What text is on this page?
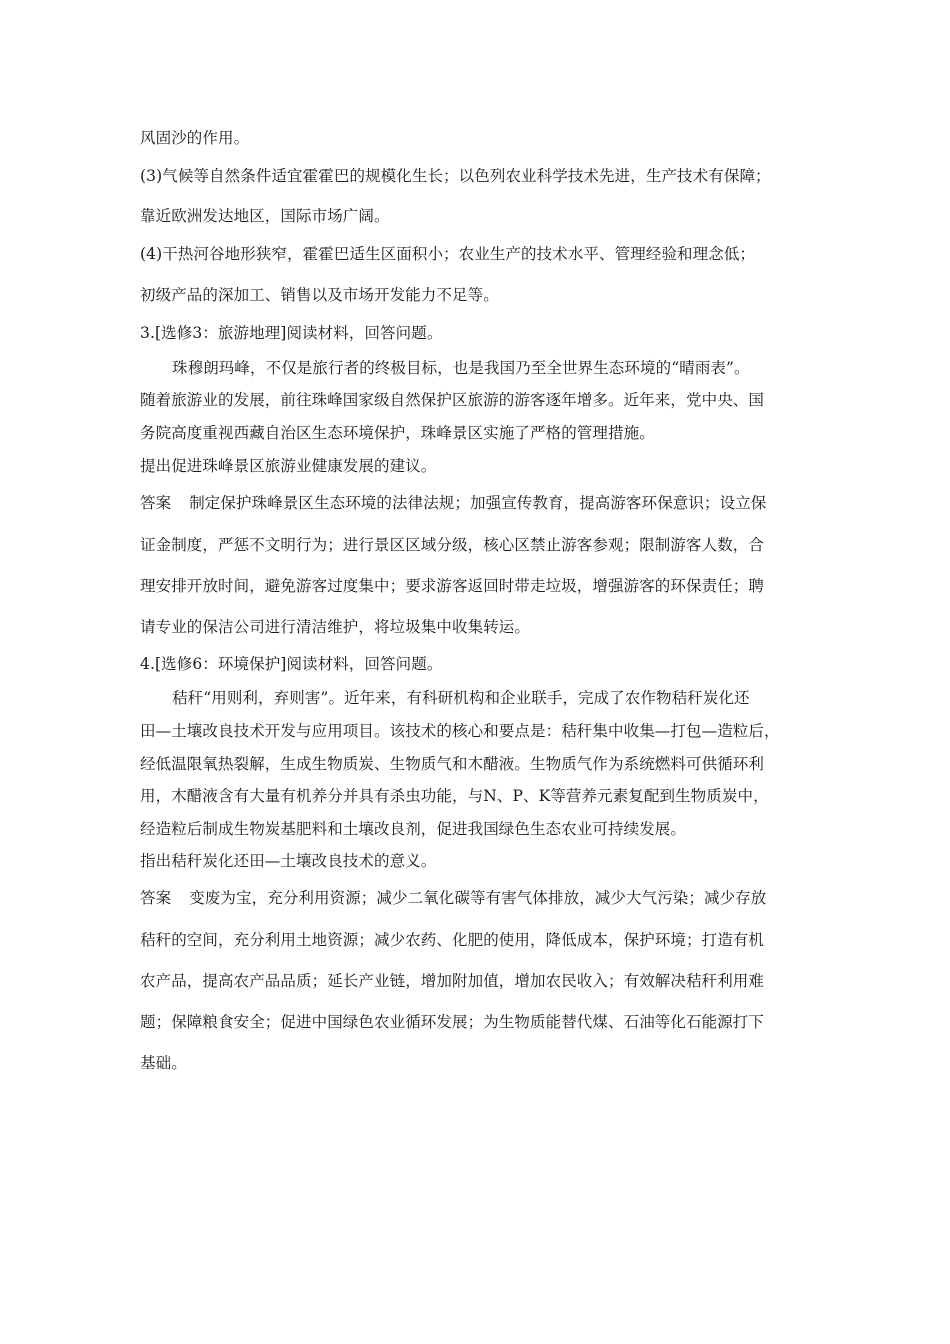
风固沙的作用。
(3)气候等自然条件适宜霍霍巴的规模化生长；以色列农业科学技术先进，生产技术有保障；
靠近欧洲发达地区，国际市场广阔。
(4)干热河谷地形狭窄，霍霍巴适生区面积小；农业生产的技术水平、管理经验和理念低；
初级产品的深加工、销售以及市场开发能力不足等。
3.[选修3：旅游地理]阅读材料，回答问题。
珠穆朗玛峰，不仅是旅行者的终极目标，也是我国乃至全世界生态环境的“晴雨表”。
随着旅游业的发展，前往珠峰国家级自然保护区旅游的游客逐年增多。近年来，党中央、国
务院高度重视西藏自治区生态环境保护，珠峰景区实施了严格的管理措施。
提出促进珠峰景区旅游业健康发展的建议。
答案 制定保护珠峰景区生态环境的法律法规；加强宣传教育，提高游客环保意识；设立保
证金制度，严惩不文明行为；进行景区区域分级，核心区禁止游客参观；限制游客人数，合
理安排开放时间，避免游客过度集中；要求游客返回时带走垃圾，增强游客的环保责任；聘
请专业的保洁公司进行清洁维护，将垃圾集中收集转运。
4.[选修6：环境保护]阅读材料，回答问题。
秸秆“用则利，弃则害”。近年来，有科研机构和企业联手，完成了农作物秸秆炭化还
田—土壤改良技术开发与应用项目。该技术的核心和要点是：秸秆集中收集—打包—造粒后，
经低温限氧热裂解，生成生物质炭、生物质气和木醋液。生物质气作为系统燃料可供循环利
用，木醋液含有大量有机养分并具有杀虫功能，与N、P、K等营养元素复配到生物质炭中，
经造粒后制成生物炭基肥料和土壤改良剂，促进我国绿色生态农业可持续发展。
指出秸秆炭化还田—土壤改良技术的意义。
答案 变废为宝，充分利用资源；减少二氧化碳等有害气体排放，减少大气污染；减少存放
秸秆的空间，充分利用土地资源；减少农药、化肥的使用，降低成本，保护环境；打造有机
农产品，提高农产品品质；延长产业链，增加附加值，增加农民收入；有效解决秸秆利用难
题；保障粮食安全；促进中国绿色农业循环发展；为生物质能替代煤、石油等化石能源打下
基础。
